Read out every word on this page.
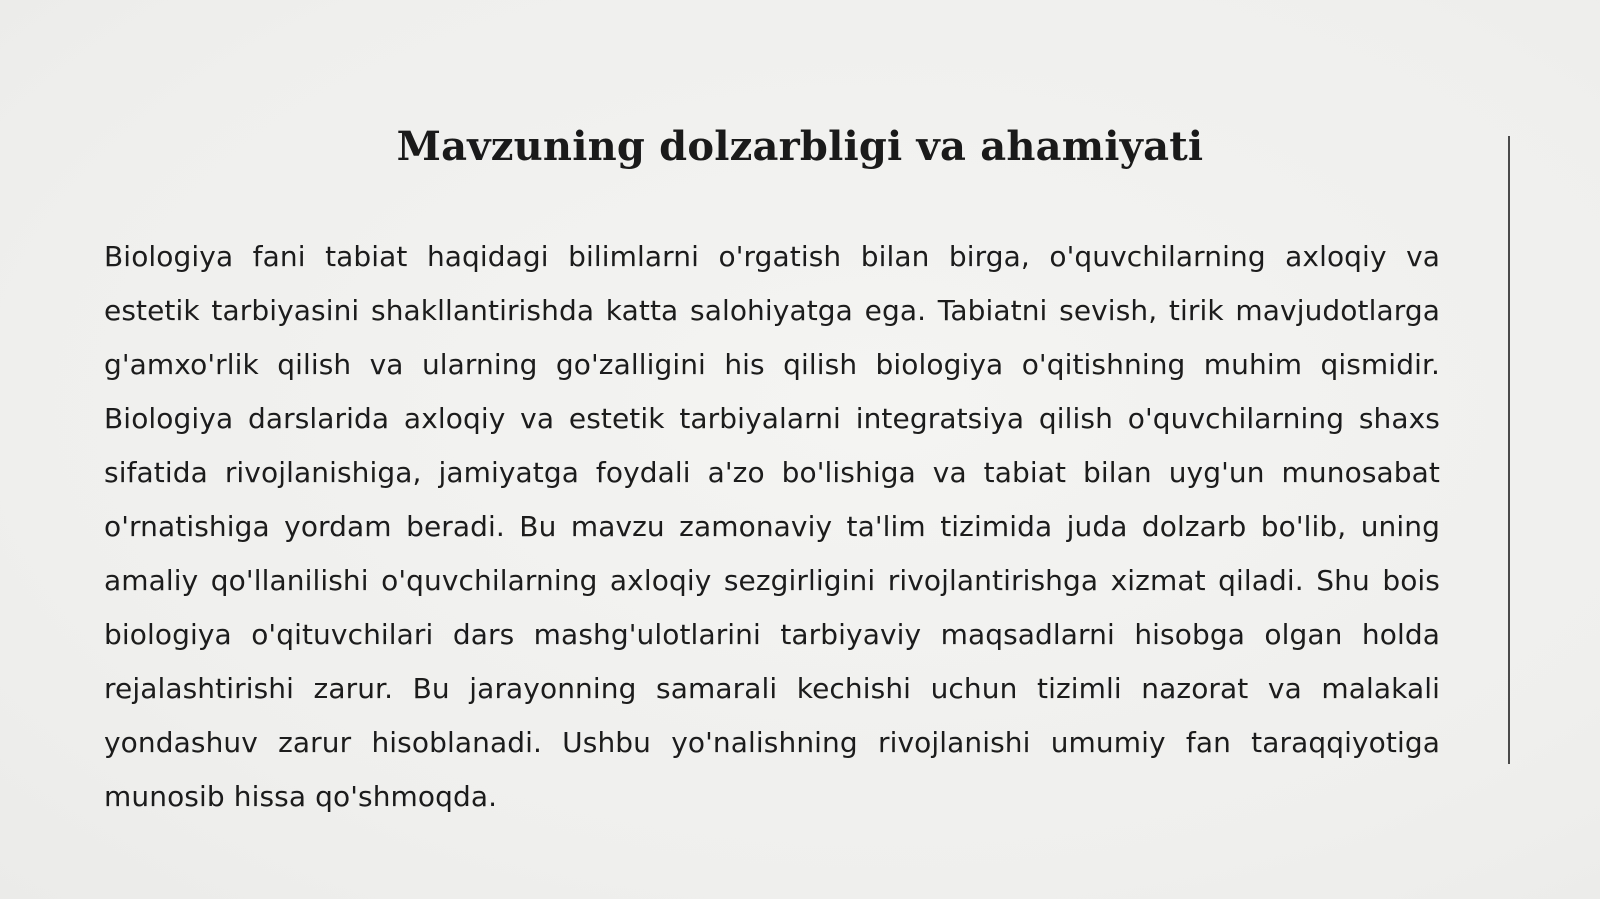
Mavzuning dolzarbligi va ahamiyati

Biologiya fani tabiat haqidagi bilimlarni o'rgatish bilan birga, o'quvchilarning axloqiy va estetik tarbiyasini shakllantirishda katta salohiyatga ega. Tabiatni sevish, tirik mavjudotlarga g'amxo'rlik qilish va ularning go'zalligini his qilish biologiya o'qitishning muhim qismidir. Biologiya darslarida axloqiy va estetik tarbiyalarni integratsiya qilish o'quvchilarning shaxs sifatida rivojlanishiga, jamiyatga foydali a'zo bo'lishiga va tabiat bilan uyg'un munosabat o'rnatishiga yordam beradi. Bu mavzu zamonaviy ta'lim tizimida juda dolzarb bo'lib, uning amaliy qo'llanilishi o'quvchilarning axloqiy sezgirligini rivojlantirishga xizmat qiladi. Shu bois biologiya o'qituvchilari dars mashg'ulotlarini tarbiyaviy maqsadlarni hisobga olgan holda rejalashtirishi zarur. Bu jarayonning samarali kechishi uchun tizimli nazorat va malakali yondashuv zarur hisoblanadi. Ushbu yo'nalishning rivojlanishi umumiy fan taraqqiyotiga munosib hissa qo'shmoqda.
